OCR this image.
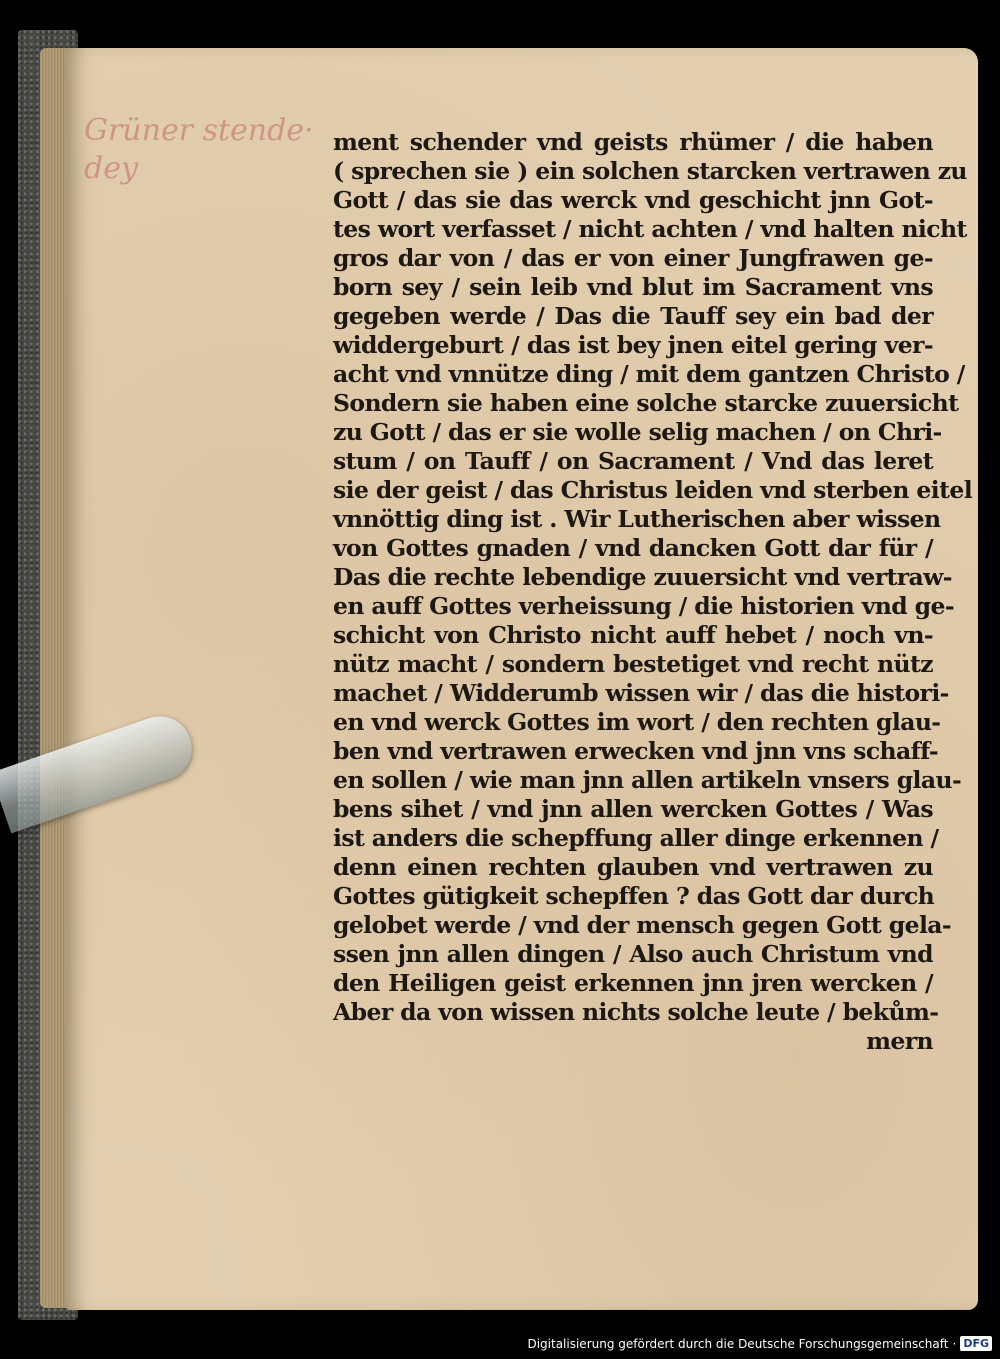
Grüner stende·
dey
ment schender vnd geists rhümer / die haben
( sprechen sie ) ein solchen starcken vertrawen zu
Gott / das sie das werck vnd geschicht jnn Got-
tes wort verfasset / nicht achten / vnd halten nicht
gros dar von / das er von einer Jungfrawen ge-
born sey / sein leib vnd blut im Sacrament vns
gegeben werde / Das die Tauff sey ein bad der
widdergeburt / das ist bey jnen eitel gering ver-
acht vnd vnnütze ding / mit dem gantzen Christo /
Sondern sie haben eine solche starcke zuuersicht
zu Gott / das er sie wolle selig machen / on Chri-
stum / on Tauff / on Sacrament / Vnd das leret
sie der geist / das Christus leiden vnd sterben eitel
vnnöttig ding ist . Wir Lutherischen aber wissen
von Gottes gnaden / vnd dancken Gott dar für /
Das die rechte lebendige zuuersicht vnd vertraw-
en auff Gottes verheissung / die historien vnd ge-
schicht von Christo nicht auff hebet / noch vn-
nütz macht / sondern bestetiget vnd recht nütz
machet / Widderumb wissen wir / das die histori-
en vnd werck Gottes im wort / den rechten glau-
ben vnd vertrawen erwecken vnd jnn vns schaff-
en sollen / wie man jnn allen artikeln vnsers glau-
bens sihet / vnd jnn allen wercken Gottes / Was
ist anders die schepffung aller dinge erkennen /
denn einen rechten glauben vnd vertrawen zu
Gottes gütigkeit schepffen ? das Gott dar durch
gelobet werde / vnd der mensch gegen Gott gela-
ssen jnn allen dingen / Also auch Christum vnd
den Heiligen geist erkennen jnn jren wercken /
Aber da von wissen nichts solche leute / bekům-
mern
Digitalisierung gefördert durch die Deutsche Forschungsgemeinschaft · DFG
